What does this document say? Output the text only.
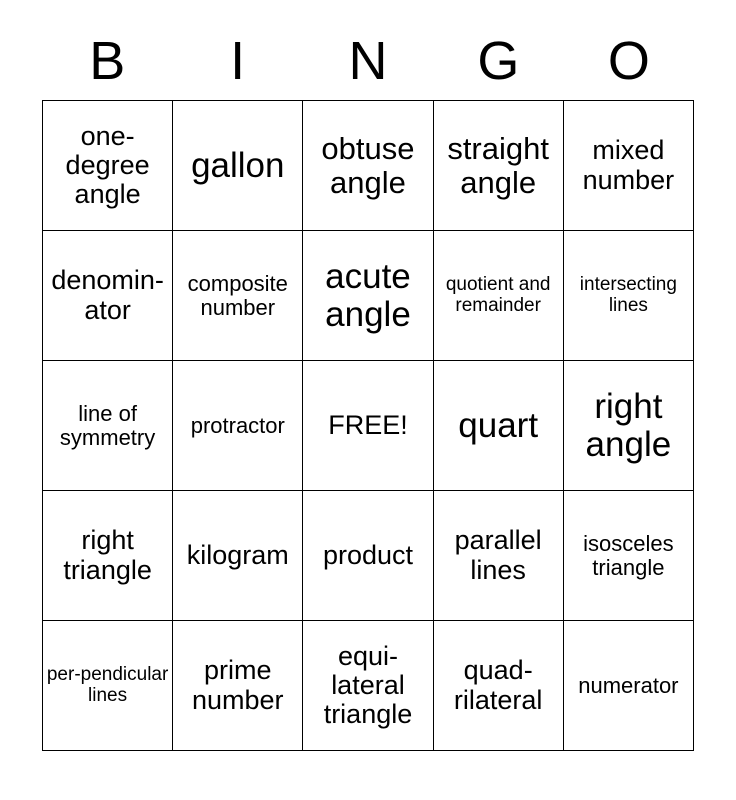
B	I	N	G	O
one-degree angle	gallon	obtuse angle	straight angle	mixed number
denomin-ator	composite number	acute angle	quotient and remainder	intersecting lines
line of symmetry	protractor	FREE!	quart	right angle
right triangle	kilogram	product	parallel lines	isosceles triangle
per-pendicular lines	prime number	equi-lateral triangle	quad-rilateral	numerator
